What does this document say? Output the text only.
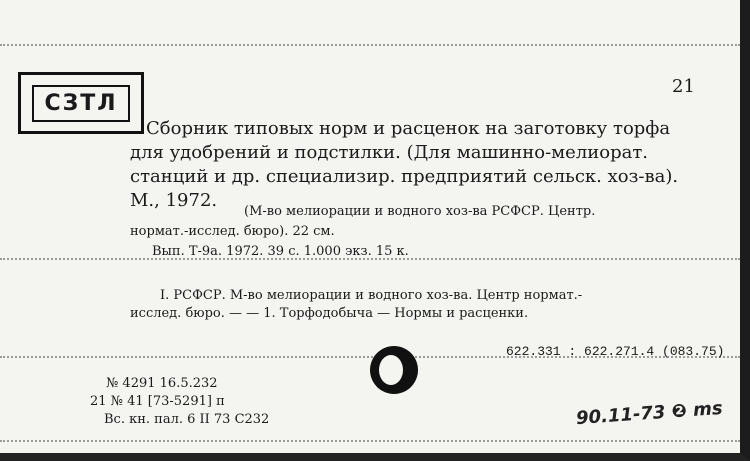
СЗТЛ
21
Сборник типовых норм и расценок на заготовку торфа
для удобрений и подстилки. (Для машинно-мелиорат.
станций и др. специализир. предприятий сельск. хоз-ва).
М., 1972.
(М-во мелиорации и водного хоз-ва РСФСР. Центр.
нормат.-исслед. бюро). 22 см.
Вып. Т-9а. 1972. 39 с. 1.000 экз. 15 к.
I. РСФСР. М-во мелиорации и водного хоз-ва. Центр нормат.-
исслед. бюро. — — 1. Торфодобыча — Нормы и расценки.
622.331 : 622.271.4 (083.75)
№ 4291 16.5.232
21 № 41 [73-5291] п
Вс. кн. пал. 6 II 73 С232	90.11-73 ❷ ms
